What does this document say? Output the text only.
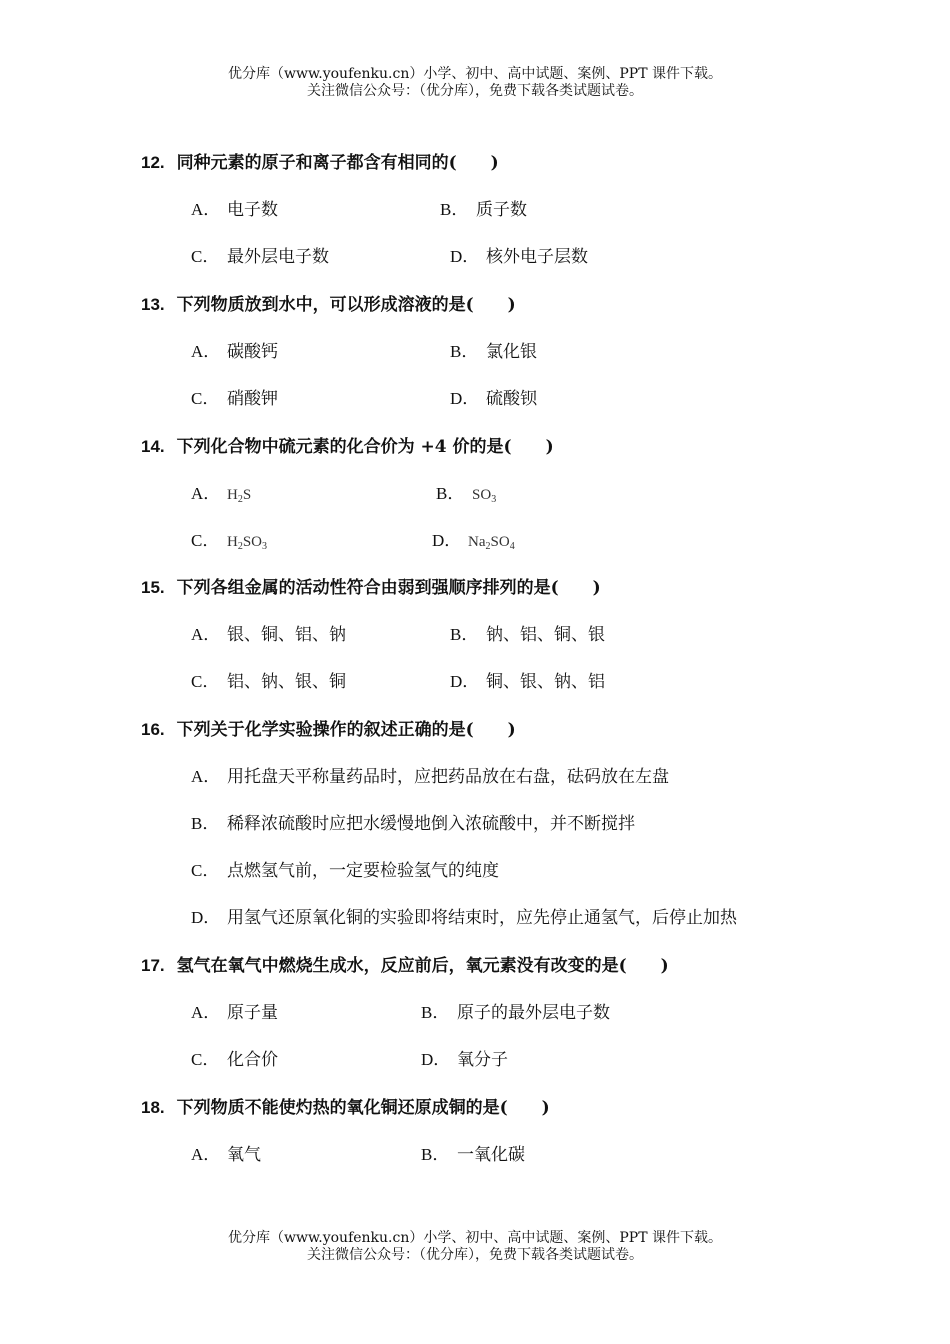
优分库（www.youfenku.cn）小学、初中、高中试题、案例、PPT 课件下载。
关注微信公众号：（优分库），免费下载各类试题试卷。
12. 同种元素的原子和离子都含有相同的(　　)
A． 电子数	B． 质子数
C． 最外层电子数	D． 核外电子层数
13. 下列物质放到水中，可以形成溶液的是(　　)
A． 碳酸钙	B． 氯化银
C． 硝酸钾	D． 硫酸钡
14. 下列化合物中硫元素的化合价为 +4 价的是(　　)
A． $H_2S$	B． $SO_3$
C． $H_2SO_3$	D． $Na_2SO_4$
15. 下列各组金属的活动性符合由弱到强顺序排列的是(　　)
A． 银、铜、铝、钠	B． 钠、铝、铜、银
C． 铝、钠、银、铜	D． 铜、银、钠、铝
16. 下列关于化学实验操作的叙述正确的是(　　)
A． 用托盘天平称量药品时，应把药品放在右盘，砝码放在左盘
B． 稀释浓硫酸时应把水缓慢地倒入浓硫酸中，并不断搅拌
C． 点燃氢气前，一定要检验氢气的纯度
D． 用氢气还原氧化铜的实验即将结束时，应先停止通氢气，后停止加热
17. 氢气在氧气中燃烧生成水，反应前后，氧元素没有改变的是(　　)
A． 原子量	B． 原子的最外层电子数
C． 化合价	D． 氧分子
18. 下列物质不能使灼热的氧化铜还原成铜的是(　　)
A． 氧气	B． 一氧化碳
优分库（www.youfenku.cn）小学、初中、高中试题、案例、PPT 课件下载。
关注微信公众号：（优分库），免费下载各类试题试卷。
